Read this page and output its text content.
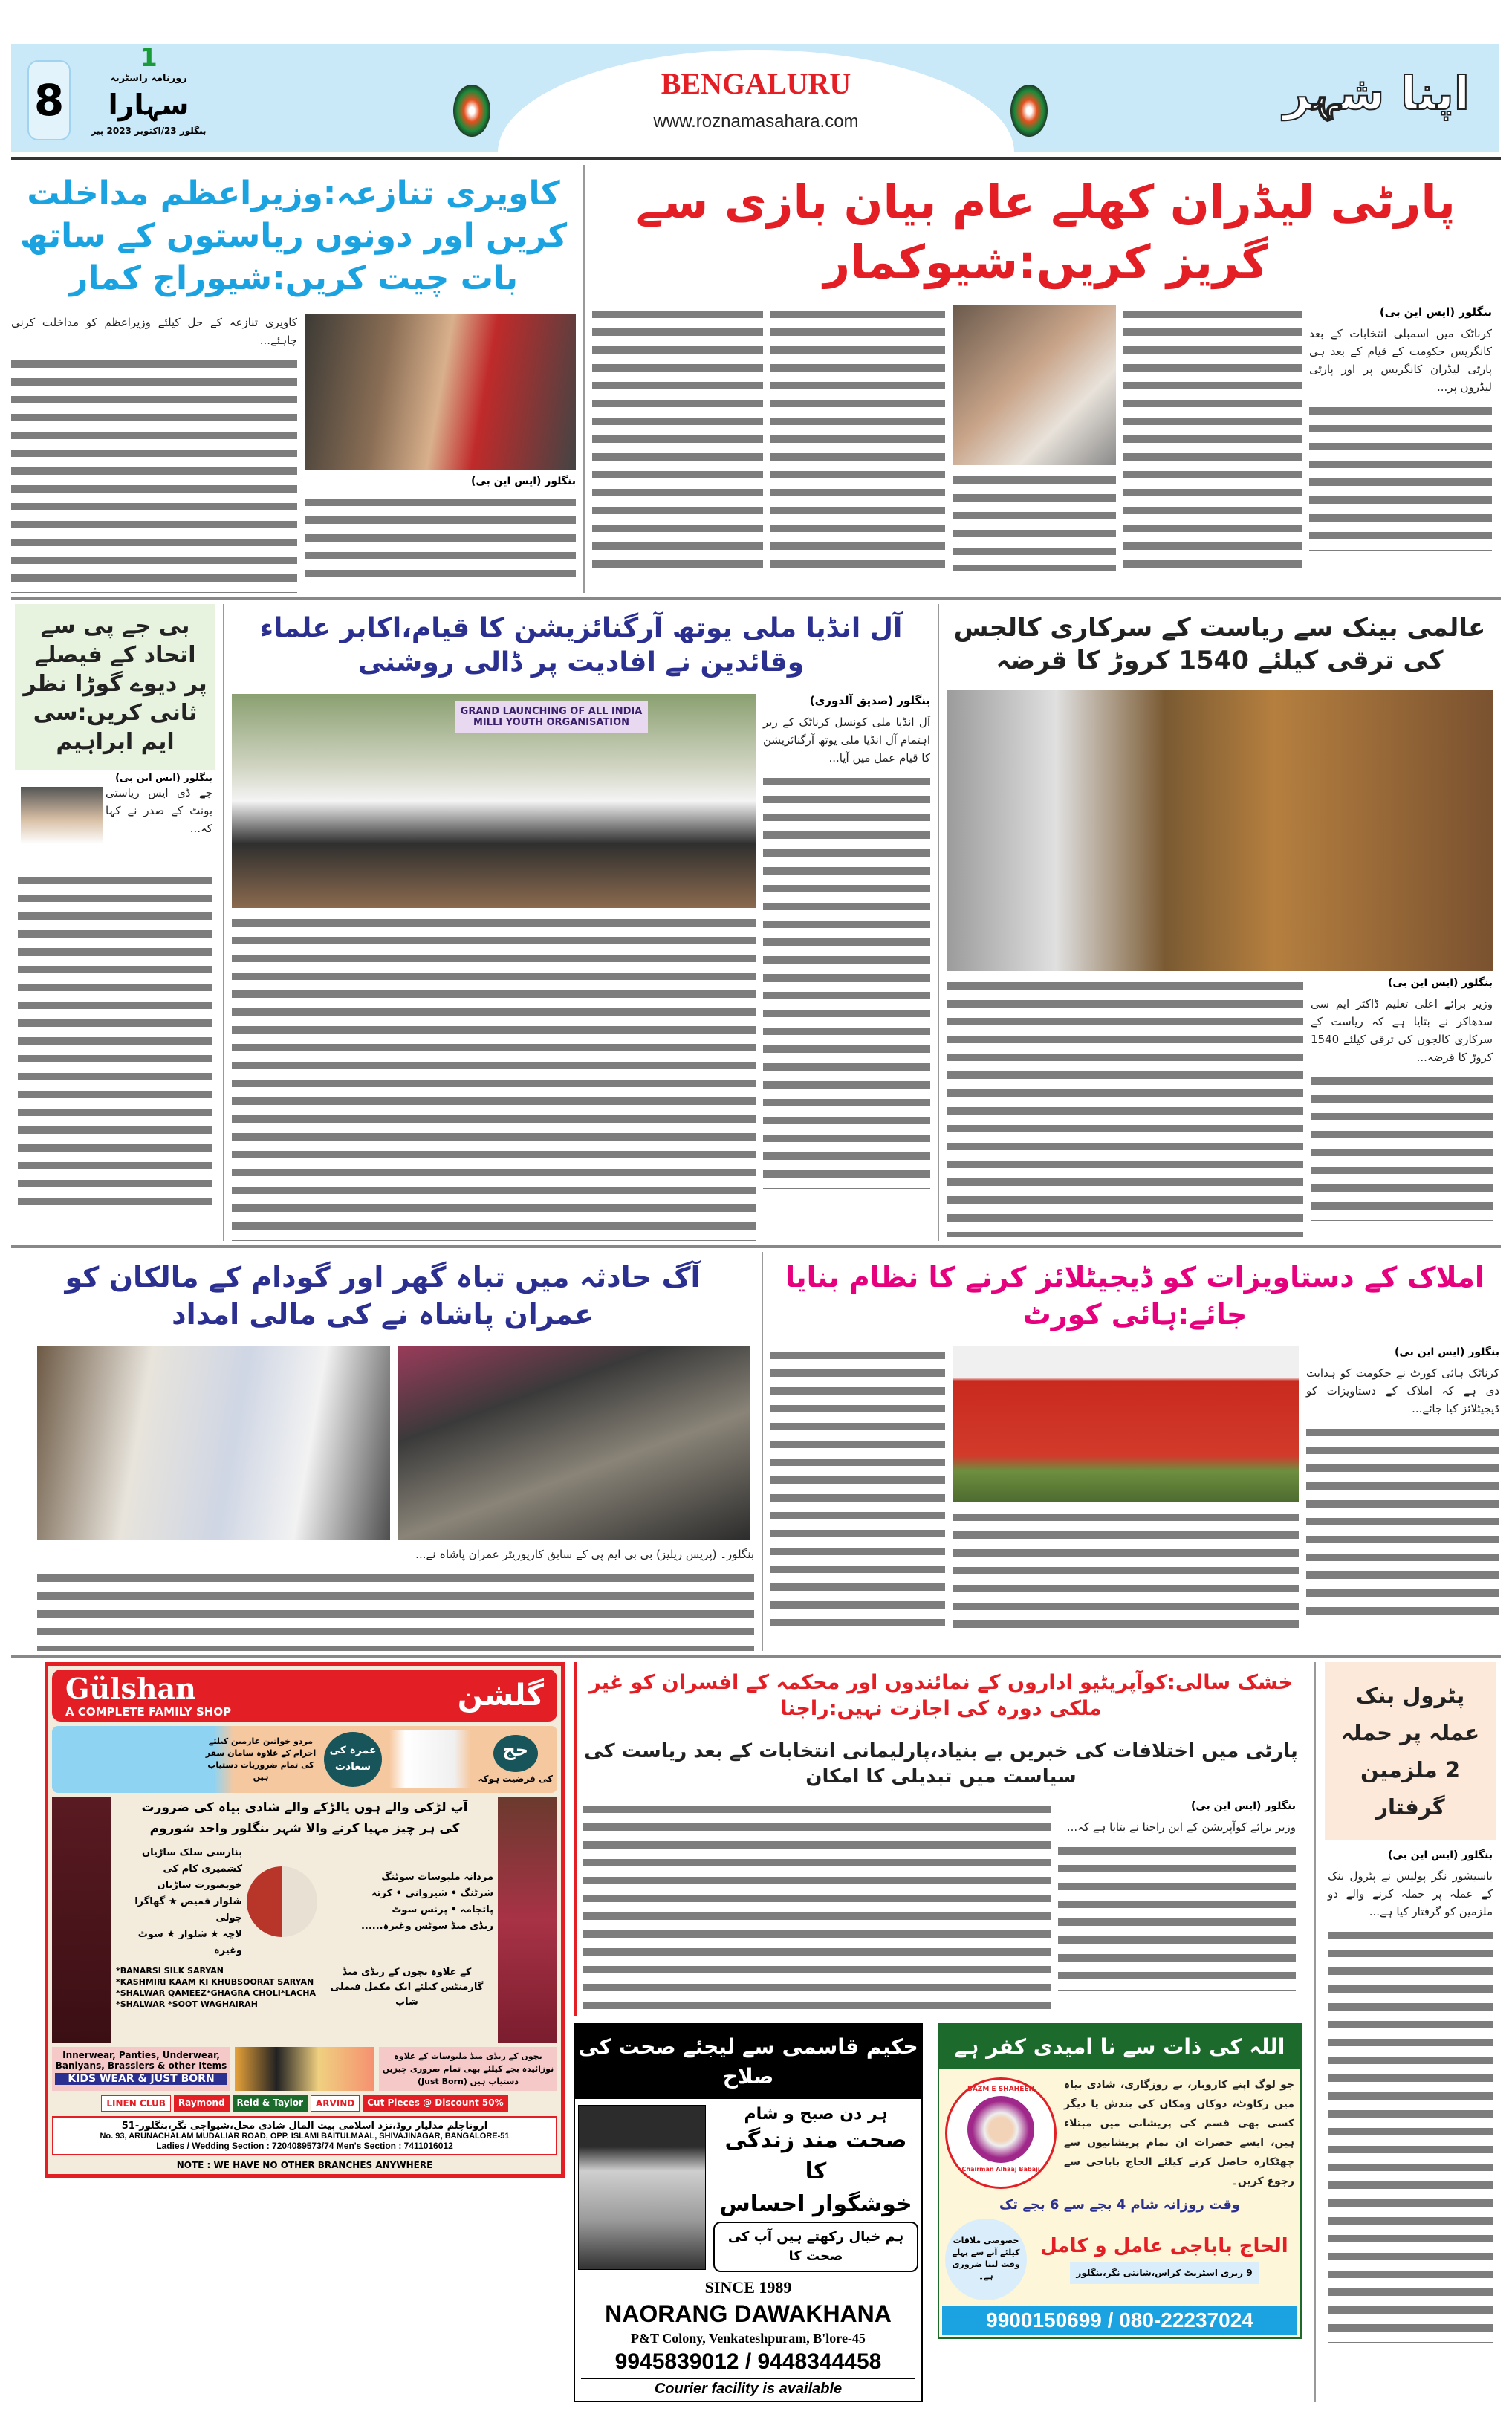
8
1
روزنامہ راشٹریہ
سہارا
بنگلور 23/اکتوبر 2023 پیر
BENGALURU
www.roznamasahara.com
اپنا شہر
کاویری تنازعہ:وزیراعظم مداخلت کریں اور دونوں ریاستوں کے ساتھ بات چیت کریں:شیوراج کمار
کاویری تنازعہ کے حل کیلئے وزیراعظم کو مداخلت کرنی چاہئے...
بنگلور (ایس این بی)
پارٹی لیڈران کھلے عام بیان بازی سے گریز کریں:شیوکمار
بنگلور (ایس این بی)
کرناٹک میں اسمبلی انتخابات کے بعد کانگریس حکومت کے قیام کے بعد ہی پارٹی لیڈران کانگریس پر اور پارٹی لیڈروں پر...
بی جے پی سے اتحاد کے فیصلے پر دیوے گوڑا نظر ثانی کریں:سی ایم ابراہیم
بنگلور (ایس این بی)
جے ڈی ایس ریاستی یونٹ کے صدر نے کہا کہ...
آل انڈیا ملی یوتھ آرگنائزیشن کا قیام،اکابر علماء وقائدین نے افادیت پر ڈالی روشنی
GRAND LAUNCHING OF ALL INDIA MILLI YOUTH ORGANISATION
بنگلور (صدیق آلدوری)
آل انڈیا ملی کونسل کرناٹک کے زیر اہتمام آل انڈیا ملی یوتھ آرگنائزیشن کا قیام عمل میں آیا...
عالمی بینک سے ریاست کے سرکاری کالجس کی ترقی کیلئے 1540 کروڑ کا قرضہ
بنگلور (ایس این بی)
وزیر برائے اعلیٰ تعلیم ڈاکٹر ایم سی سدھاکر نے بتایا ہے کہ ریاست کے سرکاری کالجوں کی ترقی کیلئے 1540 کروڑ کا قرضہ...
آگ حادثہ میں تباہ گھر اور گودام کے مالکان کو عمران پاشاہ نے کی مالی امداد
بنگلور۔ (پریس ریلیز) بی بی ایم پی کے سابق کارپوریٹر عمران پاشاہ نے...
املاک کے دستاویزات کو ڈیجیٹلائز کرنے کا نظام بنایا جائے:ہائی کورٹ
بنگلور (ایس این بی)
کرناٹک ہائی کورٹ نے حکومت کو ہدایت دی ہے کہ املاک کے دستاویزات کو ڈیجیٹلائز کیا جائے...
Gülshan
A COMPLETE FAMILY SHOP	گلشن
مردو خواتین عازمین کیلئے احرام کے علاوہ سامان سفر کی تمام ضروریات دستیاب ہیں
عمرہ کی سعادت
حج
کی فرضیت ہوکہ
آپ لڑکی والے ہوں یالڑکے والے شادی بیاہ کی ضرورت کی ہر چیز مہیا کرنے والا شہر بنگلور واحد شوروم
بنارسی سلک ساڑیاں
کشمیری کام کی خوبصورت ساڑیاں
شلوار قمیص ★ گھاگرا چولی
لاچہ ★ شلوار ★ سوٹ وغیرہ
مردانہ ملبوسات سوٹنگ
شرٹنگ • شیروانی • کرتہ
پائجامہ • پرنس سوٹ
ریڈی میڈ سوٹس وغیرہ......
*BANARSI SILK SARYAN
*KASHMIRI KAAM KI KHUBSOORAT SARYAN
*SHALWAR QAMEEZ*GHAGRA CHOLI*LACHA
*SHALWAR *SOOT WAGHAIRAH
کے علاوہ بچوں کے ریڈی میڈ گارمنٹس کیلئے ایک مکمل فیملی شاپ
Innerwear, Panties, Underwear, Baniyans, Brassiers & other Items
KIDS WEAR & JUST BORN
بچوں کے ریڈی میڈ ملبوسات کے علاوہ نوزائیدہ بچے کیلئے بھی تمام ضروری چیزیں دستیاب ہیں (Just Born)
LINEN CLUB	Raymond	Reid & Taylor	ARVIND	Cut Pieces @ Discount 50%
اروناچلم مدلیار روڈ،نزد اسلامی بیت المال شادی محل،شیواجی نگر،بنگلور-51
No. 93, ARUNACHALAM MUDALIAR ROAD, OPP. ISLAMI BAITULMAAL, SHIVAJINAGAR, BANGALORE-51
Ladies / Wedding Section : 7204089573/74 Men's Section : 7411016012
NOTE : WE HAVE NO OTHER BRANCHES ANYWHERE
خشک سالی:کوآپریٹیو اداروں کے نمائندوں اور محکمہ کے افسران کو غیر ملکی دورہ کی اجازت نہیں:راجنا
پارٹی میں اختلافات کی خبریں بے بنیاد،پارلیمانی انتخابات کے بعد ریاست کی سیاست میں تبدیلی کا امکان
بنگلور (ایس این بی)
وزیر برائے کوآپریشن کے این راجنا نے بتایا ہے کہ...
حکیم قاسمی سے لیجئے صحت کی صلاح
ہر دن صبح و شام
صحت مند زندگی کا
خوشگوار احساس
ہم خیال رکھتے ہیں آپ کی صحت کا
SINCE 1989
NAORANG DAWAKHANA
P&T Colony, Venkateshpuram, B'lore-45
9945839012 / 9448344458
Courier facility is available
اللہ کی ذات سے نا امیدی کفر ہے
BAZM E SHAHEEN
Chairman Alhaaj Babaji
جو لوگ اپنے کاروبار، بے روزگاری، شادی بیاہ میں رکاوٹ، دوکان ومکان کی بندش یا دیگر کسی بھی قسم کی پریشانی میں مبتلاء ہیں، ایسے حضرات ان تمام پریشانیوں سے چھٹکارہ حاصل کرنے کیلئے الحاج باباجی سے رجوع کریں۔
وقت روزانہ شام 4 بجے سے 6 بجے تک
خصوصی ملاقات کیلئے آنے سے پہلے وقت لینا ضروری ہے۔
الحاج باباجی عامل و کامل
9 ربری اسٹریٹ کراس،شانتی نگر،بنگلور
9900150699 / 080-22237024
پٹرول بنک عملہ پر حملہ 2 ملزمین گرفتار
بنگلور (ایس این بی)
باسیشور نگر پولیس نے پٹرول بنک کے عملہ پر حملہ کرنے والے دو ملزمین کو گرفتار کیا ہے...
